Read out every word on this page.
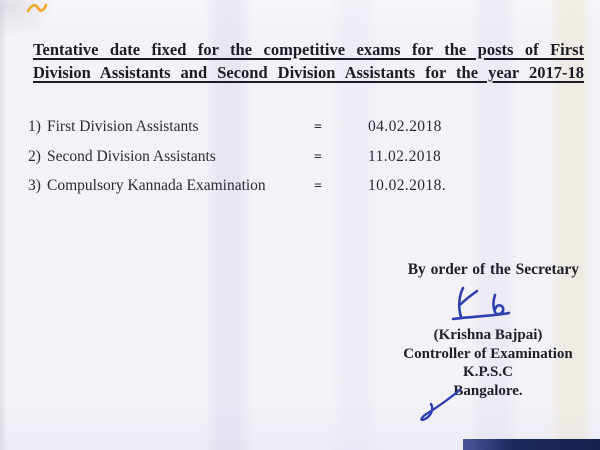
Tentative date fixed for the competitive exams for the posts of First
Division Assistants and Second Division Assistants for the year 2017-18
1) First Division Assistants	=	04.02.2018
2) Second Division Assistants	=	11.02.2018
3) Compulsory Kannada Examination	=	10.02.2018.
By order of the Secretary
(Krishna Bajpai)
Controller of Examination
K.P.S.C
Bangalore.
